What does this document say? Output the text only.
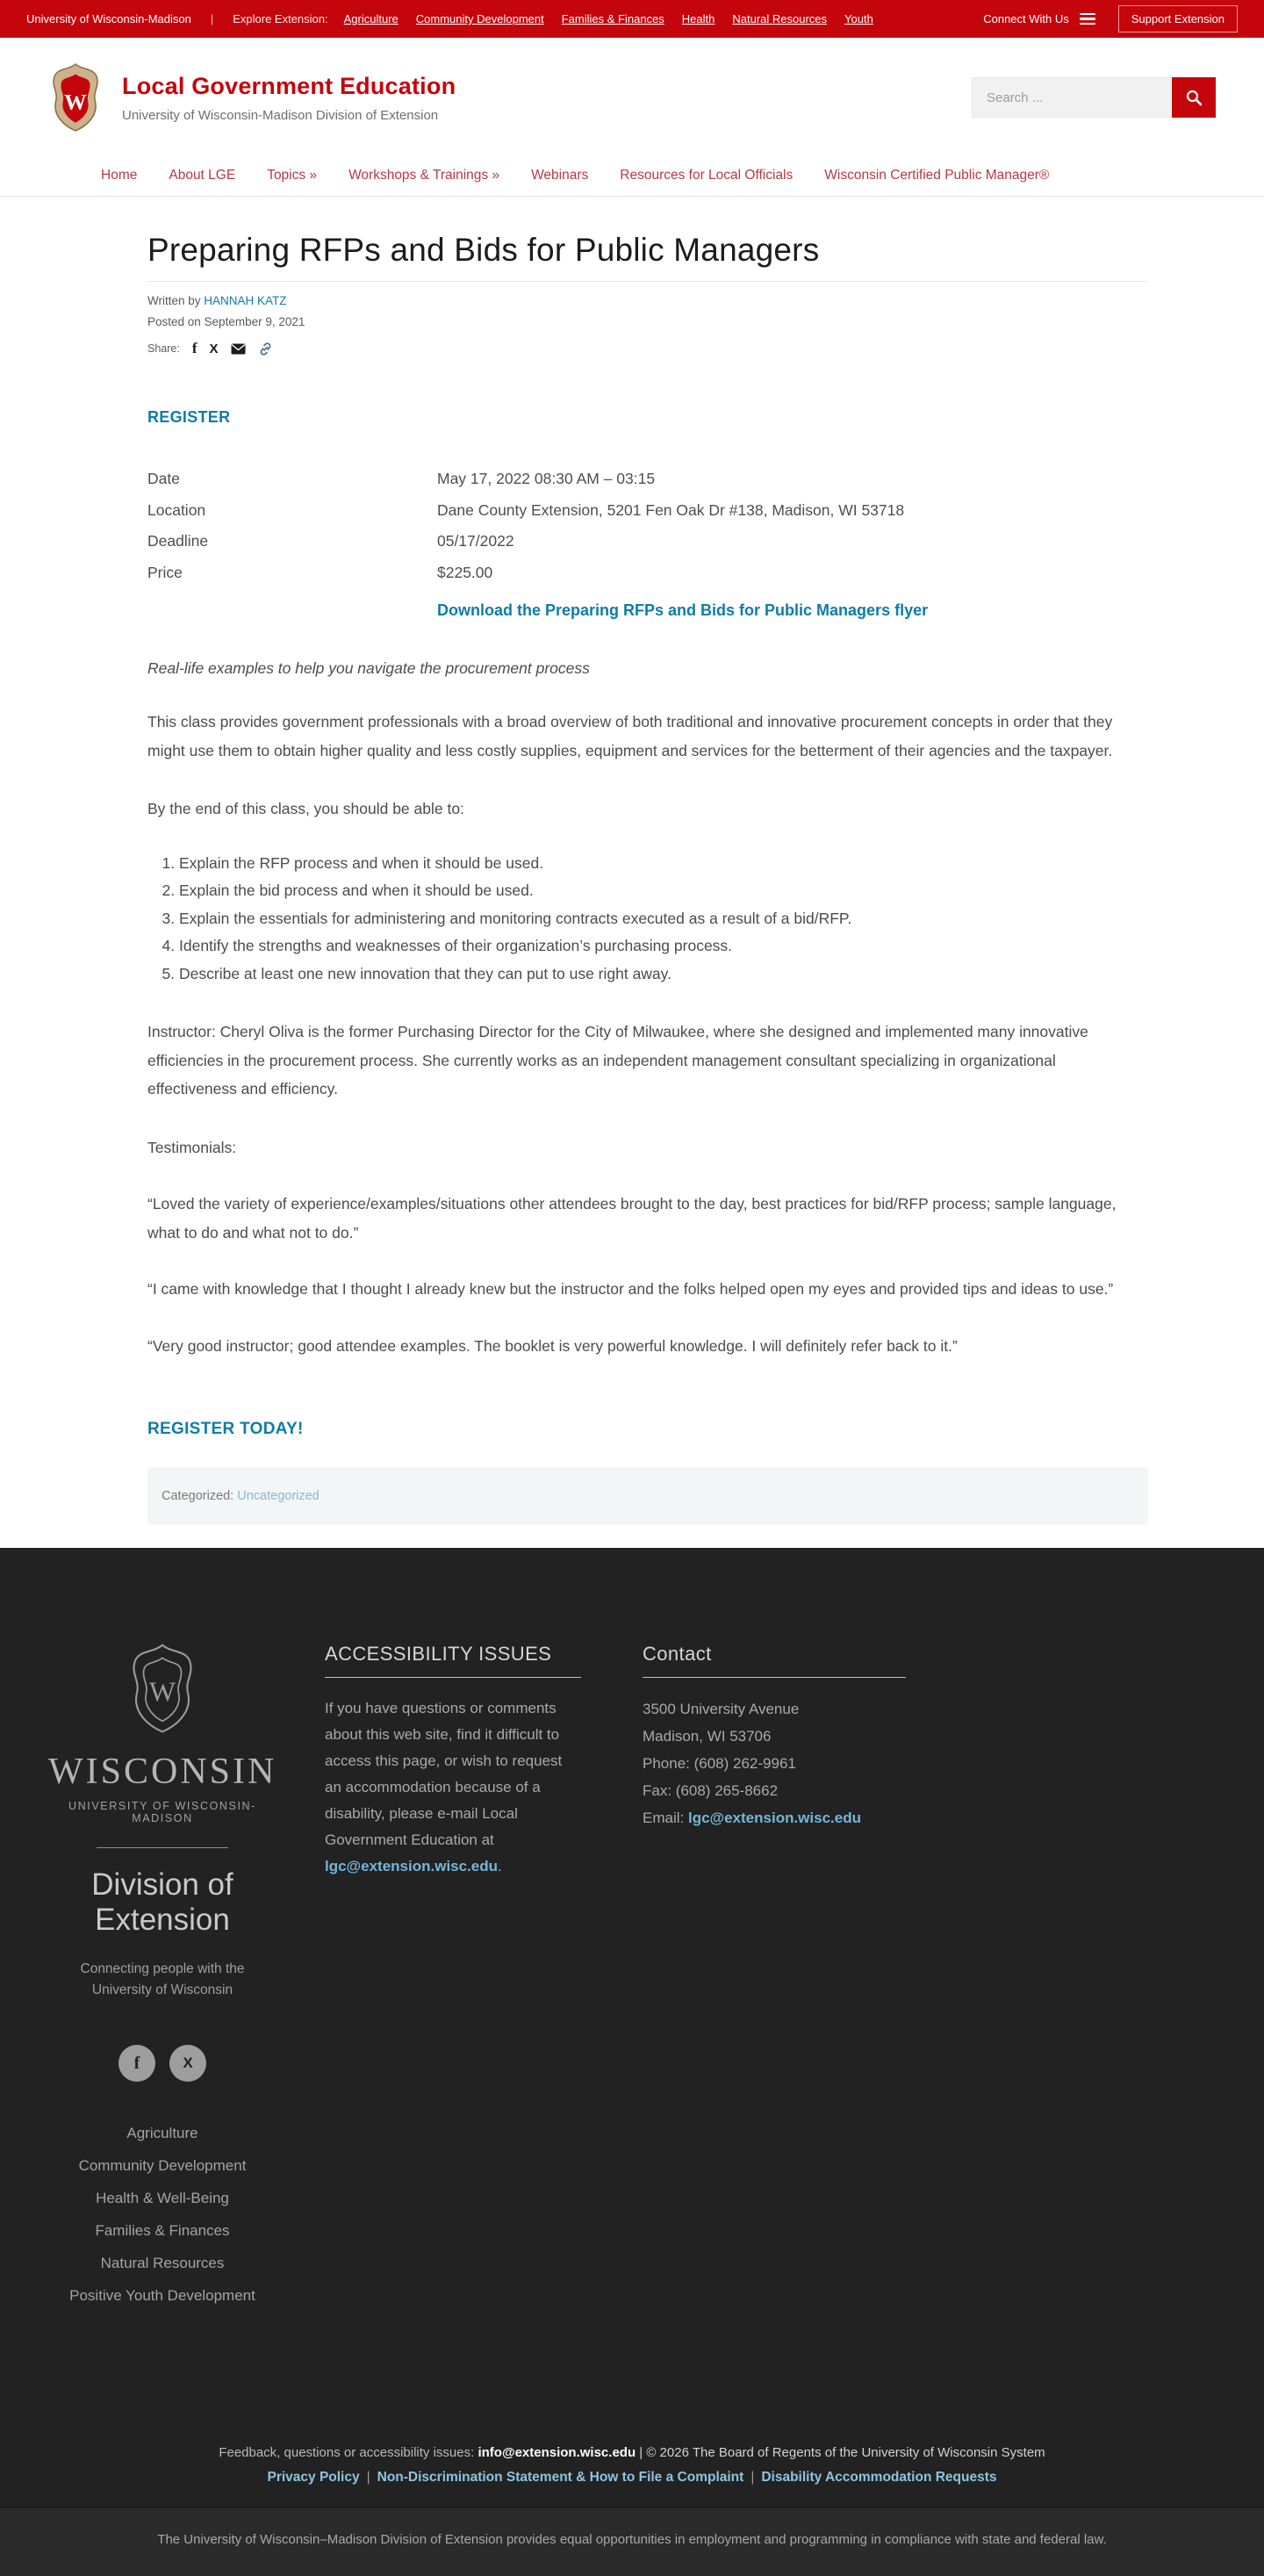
University of Wisconsin-Madison | Explore Extension: Agriculture Community Development Families & Finances Health Natural Resources Youth	Connect With Us	Support Extension
W
Local Government Education
University of Wisconsin-Madison Division of Extension
Search ...
Home About LGE Topics » Workshops & Trainings » Webinars Resources for Local Officials Wisconsin Certified Public Manager®
Preparing RFPs and Bids for Public Managers
Written by HANNAH KATZ
Posted on September 9, 2021
Share: f X
REGISTER
Date	May 17, 2022 08:30 AM – 03:15
Location	Dane County Extension, 5201 Fen Oak Dr #138, Madison, WI 53718
Deadline	05/17/2022
Price	$225.00
Download the Preparing RFPs and Bids for Public Managers flyer

Real-life examples to help you navigate the procurement process

This class provides government professionals with a broad overview of both traditional and innovative procurement concepts in order that they might use them to obtain higher quality and less costly supplies, equipment and services for the betterment of their agencies and the taxpayer.

By the end of this class, you should be able to:

1. Explain the RFP process and when it should be used.
2. Explain the bid process and when it should be used.
3. Explain the essentials for administering and monitoring contracts executed as a result of a bid/RFP.
4. Identify the strengths and weaknesses of their organization’s purchasing process.
5. Describe at least one new innovation that they can put to use right away.

Instructor: Cheryl Oliva is the former Purchasing Director for the City of Milwaukee, where she designed and implemented many innovative efficiencies in the procurement process. She currently works as an independent management consultant specializing in organizational effectiveness and efficiency.

Testimonials:

“Loved the variety of experience/examples/situations other attendees brought to the day, best practices for bid/RFP process; sample language, what to do and what not to do.”

“I came with knowledge that I thought I already knew but the instructor and the folks helped open my eyes and provided tips and ideas to use.”

“Very good instructor; good attendee examples. The booklet is very powerful knowledge. I will definitely refer back to it.”

REGISTER TODAY!
Categorized: Uncategorized
W
WISCONSIN
UNIVERSITY OF WISCONSIN-MADISON
Division of Extension
Connecting people with the University of Wisconsin
f	X
Agriculture
Community Development
Health & Well-Being
Families & Finances
Natural Resources
Positive Youth Development
ACCESSIBILITY ISSUES
If you have questions or comments about this web site, find it difficult to access this page, or wish to request an accommodation because of a disability, please e-mail Local Government Education at lgc@extension.wisc.edu.
Contact
3500 University Avenue
Madison, WI 53706
Phone: (608) 262-9961
Fax: (608) 265-8662
Email: lgc@extension.wisc.edu
Feedback, questions or accessibility issues: info@extension.wisc.edu | © 2026 The Board of Regents of the University of Wisconsin System
Privacy Policy | Non-Discrimination Statement & How to File a Complaint | Disability Accommodation Requests
The University of Wisconsin–Madison Division of Extension provides equal opportunities in employment and programming in compliance with state and federal law.
